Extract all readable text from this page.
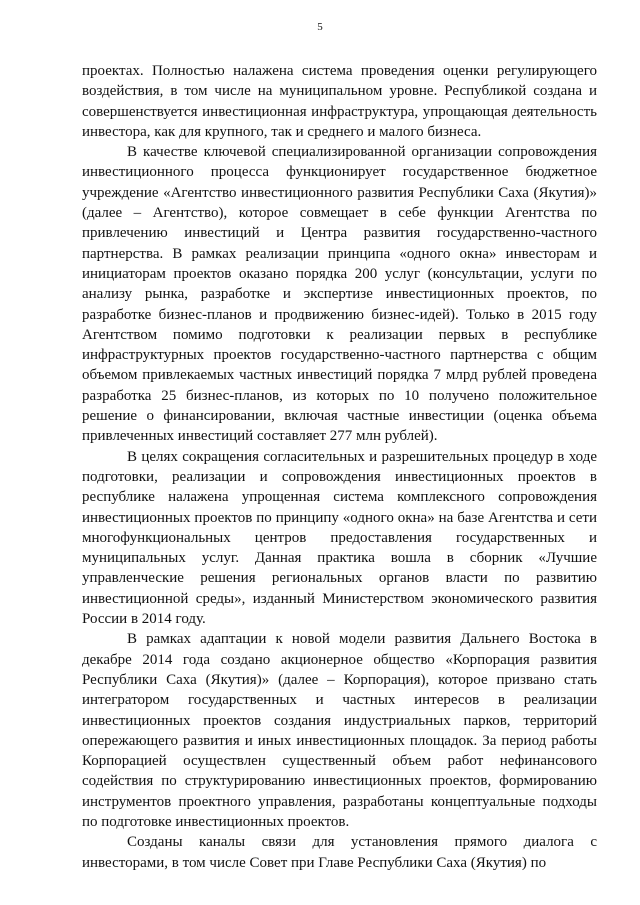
5

проектах. Полностью налажена система проведения оценки регулирующего воздействия, в том числе на муниципальном уровне. Республикой создана и совершенствуется инвестиционная инфраструктура, упрощающая деятельность инвестора, как для крупного, так и среднего и малого бизнеса.

В качестве ключевой специализированной организации сопровождения инвестиционного процесса функционирует государственное бюджетное учреждение «Агентство инвестиционного развития Республики Саха (Якутия)» (далее – Агентство), которое совмещает в себе функции Агентства по привлечению инвестиций и Центра развития государственно-частного партнерства. В рамках реализации принципа «одного окна» инвесторам и инициаторам проектов оказано порядка 200 услуг (консультации, услуги по анализу рынка, разработке и экспертизе инвестиционных проектов, по разработке бизнес-планов и продвижению бизнес-идей). Только в 2015 году Агентством помимо подготовки к реализации первых в республике инфраструктурных проектов государственно-частного партнерства с общим объемом привлекаемых частных инвестиций порядка 7 млрд рублей проведена разработка 25 бизнес-планов, из которых по 10 получено положительное решение о финансировании, включая частные инвестиции (оценка объема привлеченных инвестиций составляет 277 млн рублей).

В целях сокращения согласительных и разрешительных процедур в ходе подготовки, реализации и сопровождения инвестиционных проектов в республике налажена упрощенная система комплексного сопровождения инвестиционных проектов по принципу «одного окна» на базе Агентства и сети многофункциональных центров предоставления государственных и муниципальных услуг. Данная практика вошла в сборник «Лучшие управленческие решения региональных органов власти по развитию инвестиционной среды», изданный Министерством экономического развития России в 2014 году.

В рамках адаптации к новой модели развития Дальнего Востока в декабре 2014 года создано акционерное общество «Корпорация развития Республики Саха (Якутия)» (далее – Корпорация), которое призвано стать интегратором государственных и частных интересов в реализации инвестиционных проектов создания индустриальных парков, территорий опережающего развития и иных инвестиционных площадок. За период работы Корпорацией осуществлен существенный объем работ нефинансового содействия по структурированию инвестиционных проектов, формированию инструментов проектного управления, разработаны концептуальные подходы по подготовке инвестиционных проектов.

Созданы каналы связи для установления прямого диалога с инвесторами, в том числе Совет при Главе Республики Саха (Якутия) по
